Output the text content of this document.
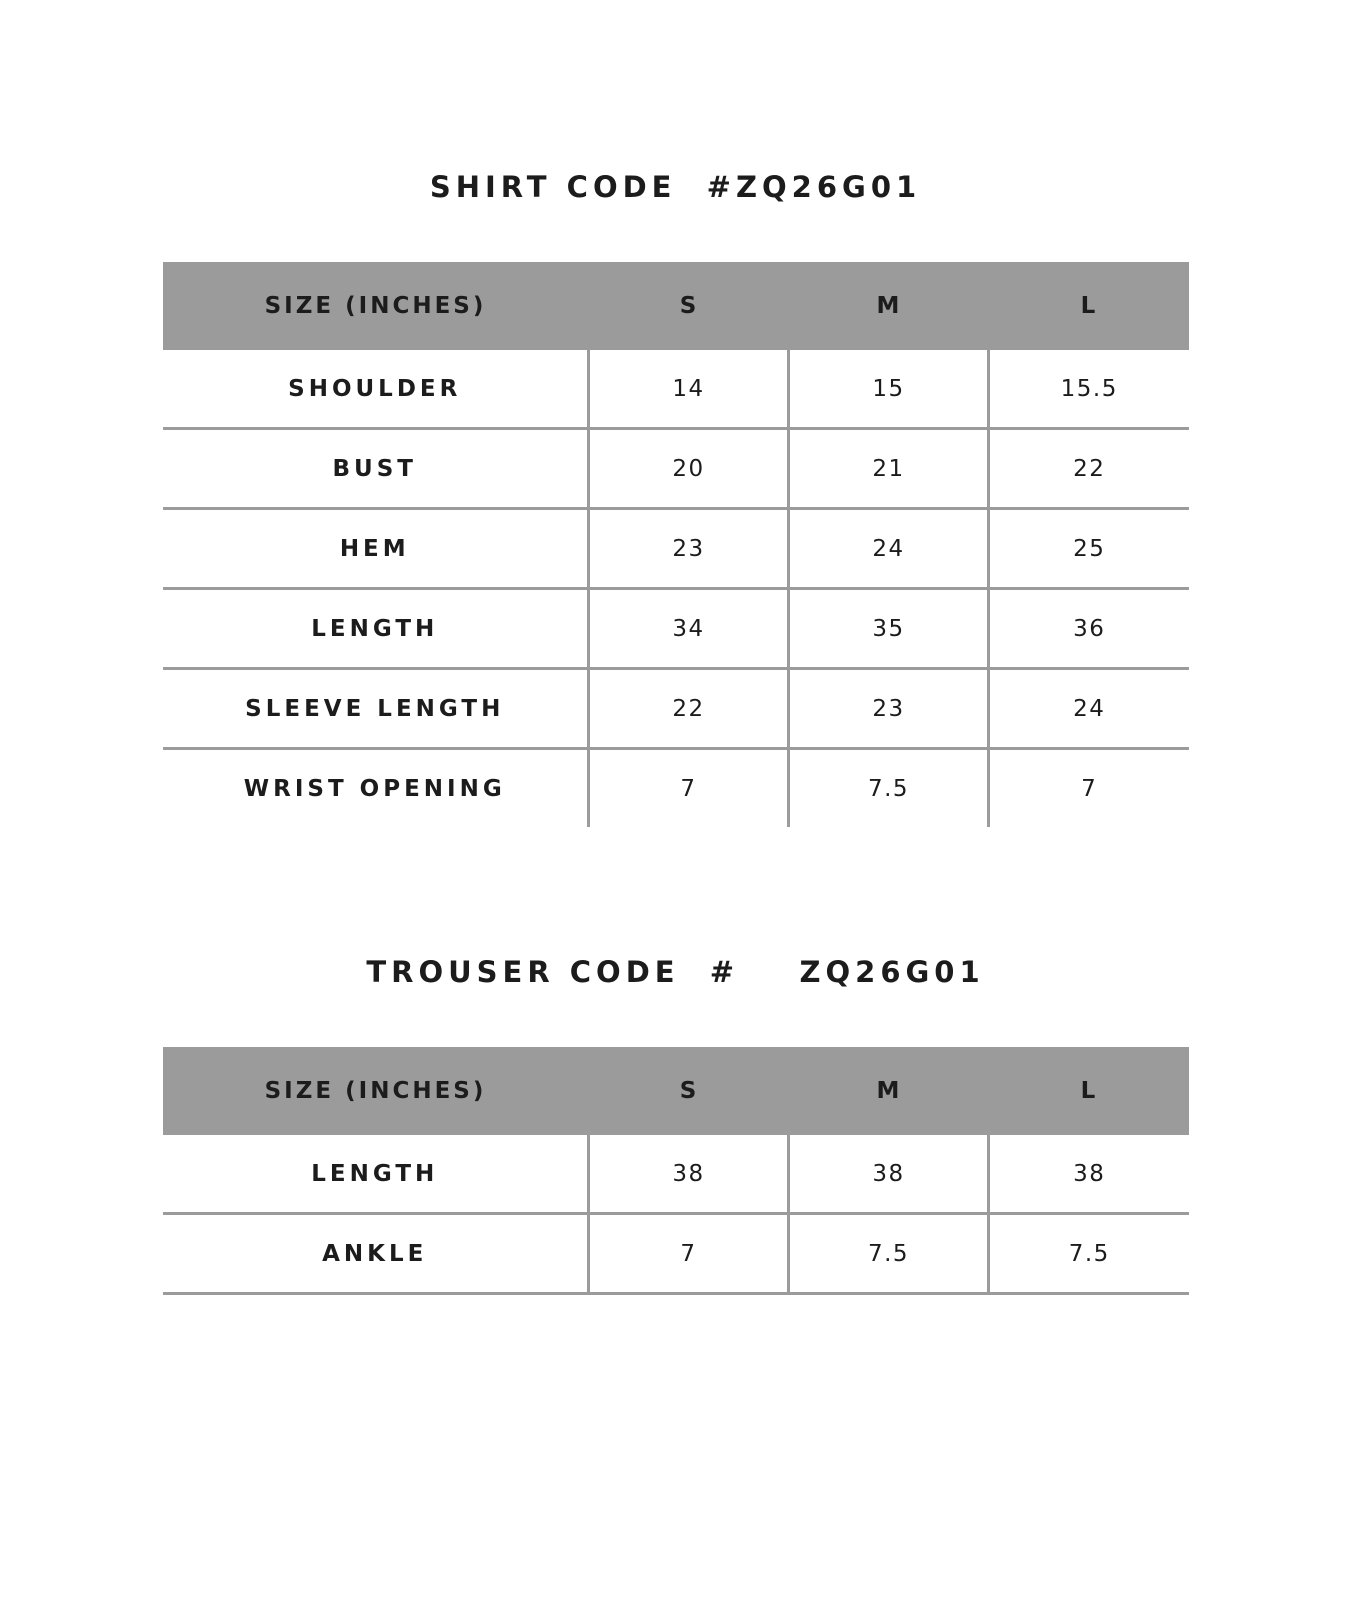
SHIRT CODE  #ZQ26G01
SIZE (INCHES)	S	M	L
SHOULDER	14	15	15.5
BUST	20	21	22
HEM	23	24	25
LENGTH	34	35	36
SLEEVE LENGTH	22	23	24
WRIST OPENING	7	7.5	7
TROUSER CODE  #    ZQ26G01
SIZE (INCHES)	S	M	L
LENGTH	38	38	38
ANKLE	7	7.5	7.5
